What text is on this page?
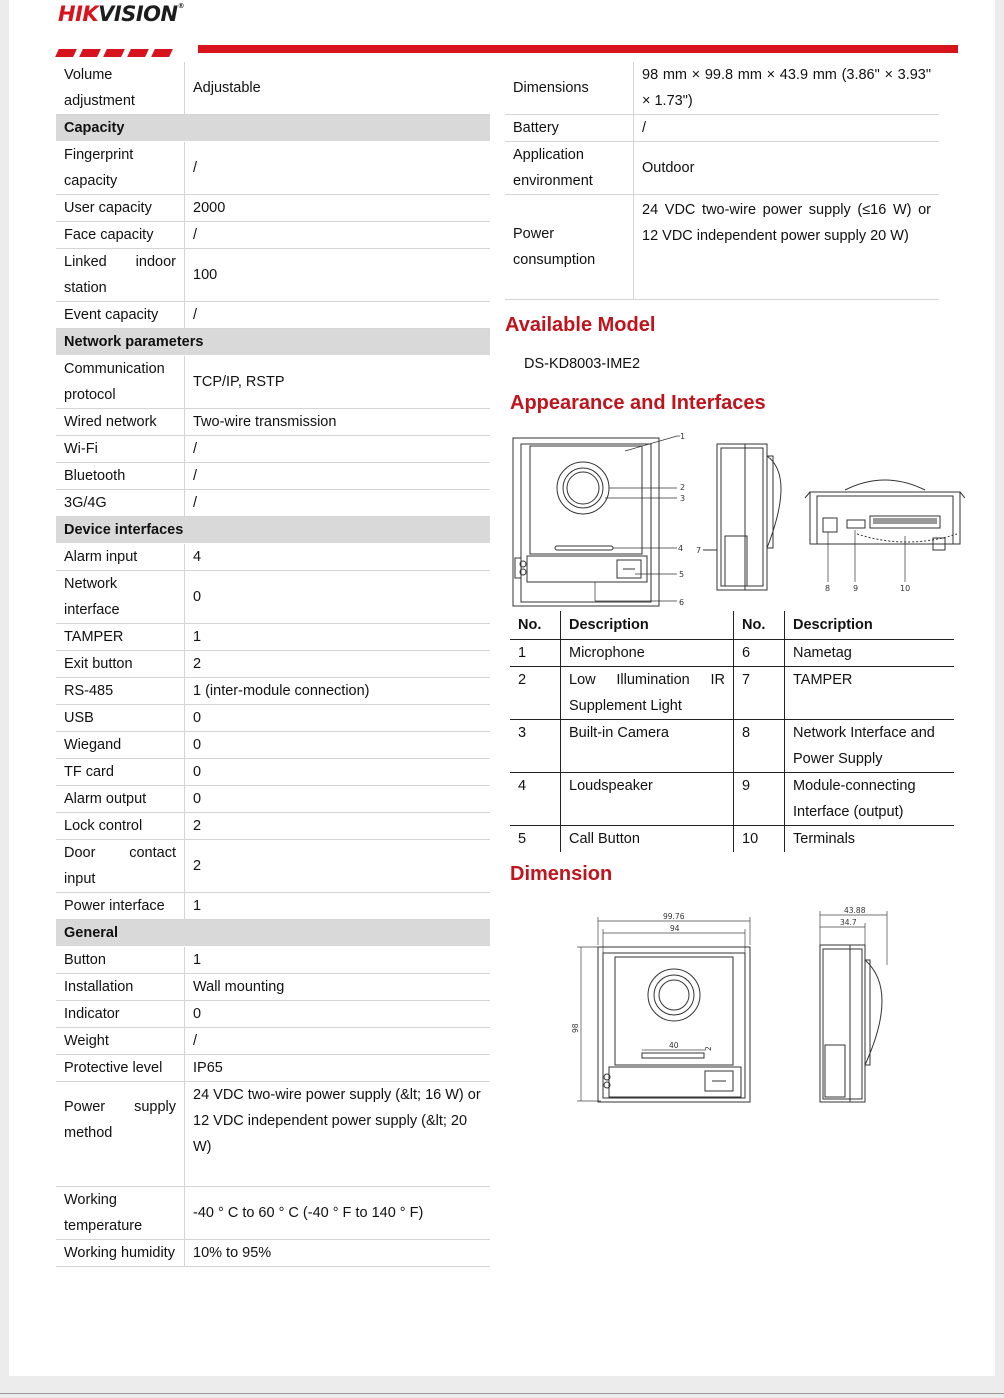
HIKVISION®
Volume adjustment	Adjustable
Capacity	
Fingerprint capacity	/
User capacity	2000
Face capacity	/
Linked indoor station	100
Event capacity	/
Network parameters	
Communication protocol	TCP/IP, RSTP
Wired network	Two-wire transmission
Wi-Fi	/
Bluetooth	/
3G/4G	/
Device interfaces	
Alarm input	4
Network interface	0
TAMPER	1
Exit button	2
RS-485	1 (inter-module connection)
USB	0
Wiegand	0
TF card	0
Alarm output	0
Lock control	2
Door contact input	2
Power interface	1
General	
Button	1
Installation	Wall mounting
Indicator	0
Weight	/
Protective level	IP65
Power supply method	24 VDC two-wire power supply (&lt; 16 W) or 12 VDC independent power supply (&lt; 20 W)
Working temperature	-40 ° C to 60 ° C (-40 ° F to 140 ° F)
Working humidity	10% to 95%
Dimensions	98 mm × 99.8 mm × 43.9 mm (3.86" × 3.93" × 1.73")
Battery	/
Application environment	Outdoor
Power consumption	24 VDC two-wire power supply (≤16 W) or 12 VDC independent power supply 20 W)
Available Model
DS-KD8003-IME2
Appearance and Interfaces
1
2
3
4
5
6
7
8	9	10
No.	Description	No.	Description
1	Microphone	6	Nametag
2	Low Illumination IR Supplement Light	7	TAMPER
3	Built-in Camera	8	Network Interface and Power Supply
4	Loudspeaker	9	Module-connecting Interface (output)
5	Call Button	10	Terminals
Dimension
99.76
94
40
98
2
43.88
34.7
